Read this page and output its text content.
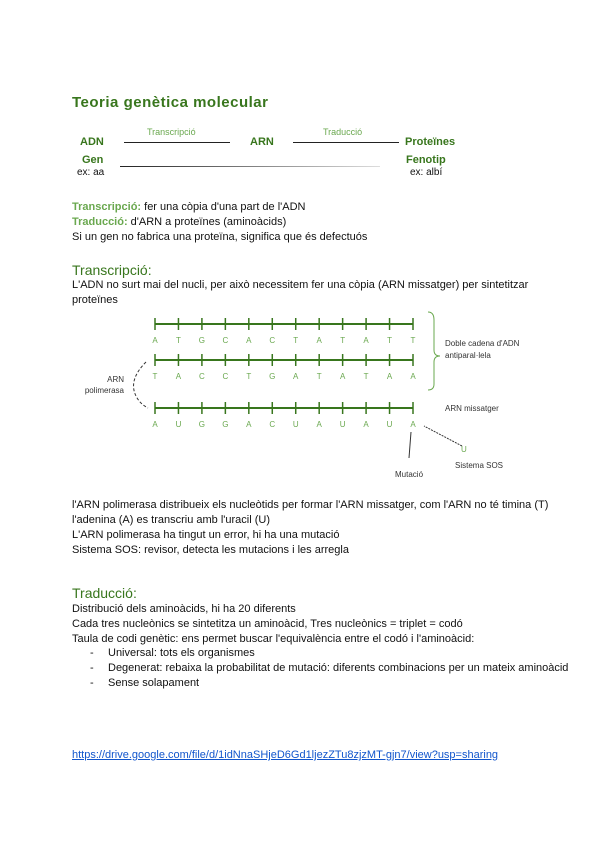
Teoria genètica molecular
ADN
Transcripció
ARN
Traducció
Proteïnes
Gen
ex: aa
Fenotip
ex: albí
Transcripció: fer una còpia d'una part de l'ADN
Traducció: d'ARN a proteïnes (aminoàcids)
Si un gen no fabrica una proteïna, significa que és defectuós
Transcripció:
L'ADN no surt mai del nucli, per això necessitem fer una còpia (ARN missatger) per sintetitzar proteïnes
A T G C A C T A T A T T
T A C C T G A T A T A A
A U G G A C U A U A U A
Doble cadena d'ADN
antiparal·lela
ARN
polimerasa
ARN missatger
U
Sistema SOS
Mutació
l'ARN polimerasa distribueix els nucleòtids per formar l'ARN missatger, com l'ARN no té timina (T) l'adenina (A) es transcriu amb l'uracil (U)
L'ARN polimerasa ha tingut un error, hi ha una mutació
Sistema SOS: revisor, detecta les mutacions i les arregla
Traducció:
Distribució dels aminoàcids, hi ha 20 diferents
Cada tres nucleònics se sintetitza un aminoàcid, Tres nucleònics = triplet = codó
Taula de codi genètic: ens permet buscar l'equivalència entre el codó i l'aminoàcid:
- Universal: tots els organismes
- Degenerat: rebaixa la probabilitat de mutació: diferents combinacions per un mateix aminoàcid
- Sense solapament
https://drive.google.com/file/d/1idNnaSHjeD6Gd1ljezZTu8zjzMT-gjn7/view?usp=sharing
